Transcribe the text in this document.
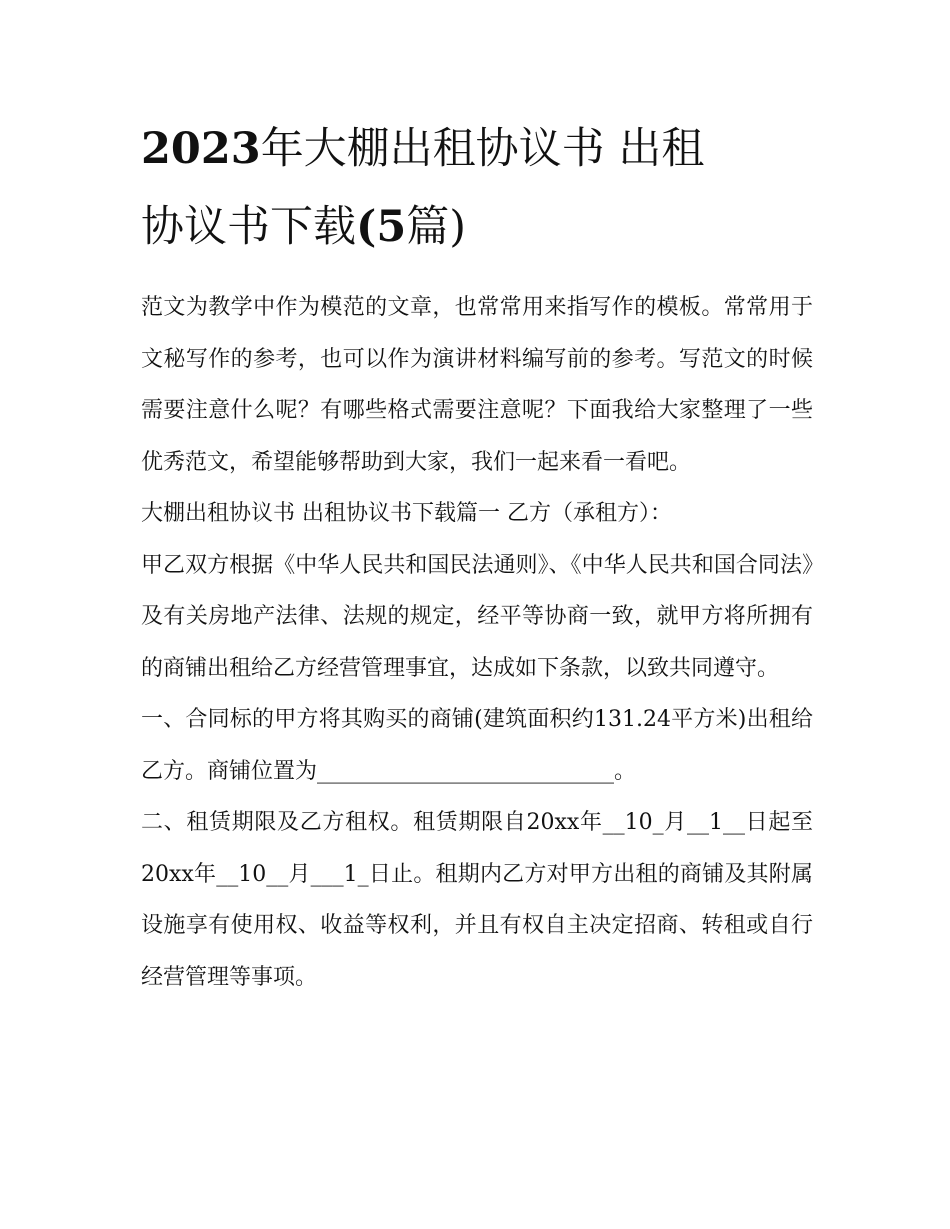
2023年大棚出租协议书 出租
协议书下载(5篇)

范文为教学中作为模范的文章，也常常用来指写作的模板。常常用于文秘写作的参考，也可以作为演讲材料编写前的参考。写范文的时候需要注意什么呢？有哪些格式需要注意呢？下面我给大家整理了一些优秀范文，希望能够帮助到大家，我们一起来看一看吧。

大棚出租协议书 出租协议书下载篇一 乙方（承租方）：

甲乙双方根据《中华人民共和国民法通则》、《中华人民共和国合同法》及有关房地产法律、法规的规定，经平等协商一致，就甲方将所拥有的商铺出租给乙方经营管理事宜，达成如下条款，以致共同遵守。

一、合同标的甲方将其购买的商铺(建筑面积约131.24平方米)出租给乙方。商铺位置为___________________________。

二、租赁期限及乙方租权。租赁期限自20xx年__10_月__1__日起至20xx年__10__月___1_日止。租期内乙方对甲方出租的商铺及其附属设施享有使用权、收益等权利，并且有权自主决定招商、转租或自行经营管理等事项。
